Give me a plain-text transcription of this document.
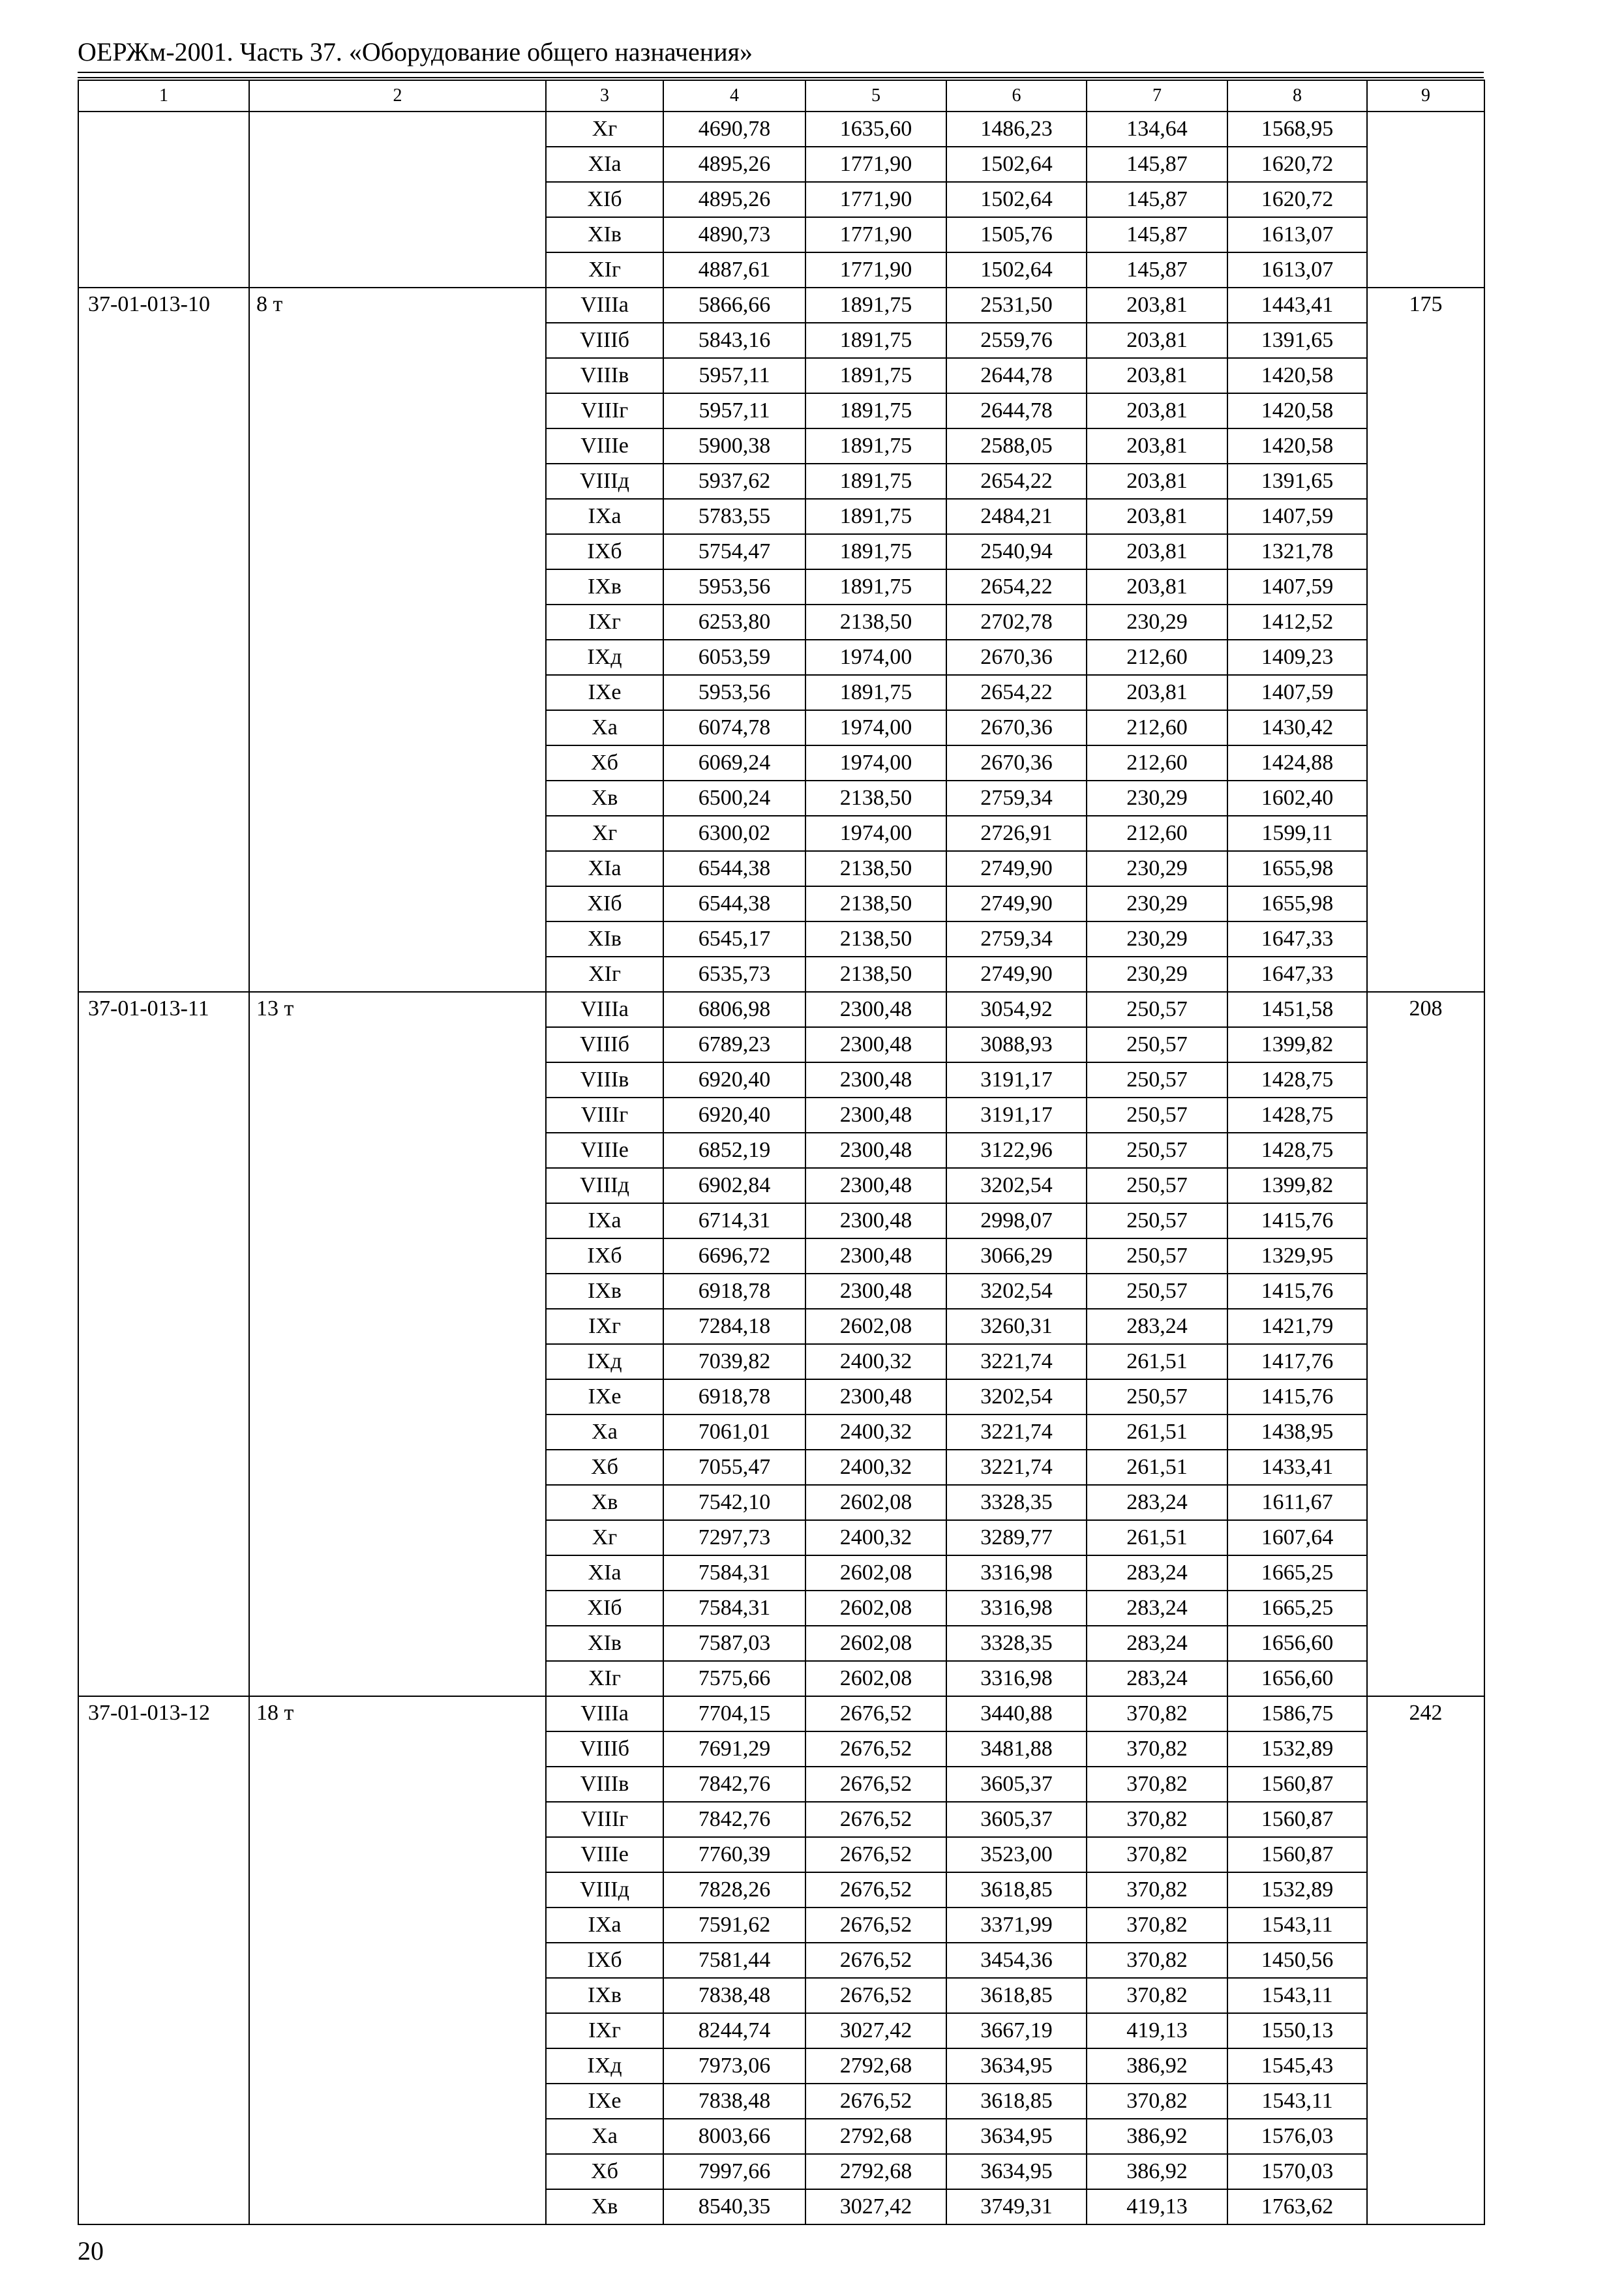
ОЕРЖм-2001. Часть 37. «Оборудование общего назначения»
1	2	3	4	5	6	7	8	9
		Xг	4690,78	1635,60	1486,23	134,64	1568,95	
		XIа	4895,26	1771,90	1502,64	145,87	1620,72	
		XIб	4895,26	1771,90	1502,64	145,87	1620,72	
		XIв	4890,73	1771,90	1505,76	145,87	1613,07	
		XIг	4887,61	1771,90	1502,64	145,87	1613,07	
37-01-013-10	8 т	VIIIа	5866,66	1891,75	2531,50	203,81	1443,41	175
		VIIIб	5843,16	1891,75	2559,76	203,81	1391,65	
		VIIIв	5957,11	1891,75	2644,78	203,81	1420,58	
		VIIIг	5957,11	1891,75	2644,78	203,81	1420,58	
		VIIIе	5900,38	1891,75	2588,05	203,81	1420,58	
		VIIIд	5937,62	1891,75	2654,22	203,81	1391,65	
		IXа	5783,55	1891,75	2484,21	203,81	1407,59	
		IXб	5754,47	1891,75	2540,94	203,81	1321,78	
		IXв	5953,56	1891,75	2654,22	203,81	1407,59	
		IXг	6253,80	2138,50	2702,78	230,29	1412,52	
		IXд	6053,59	1974,00	2670,36	212,60	1409,23	
		IXе	5953,56	1891,75	2654,22	203,81	1407,59	
		Xа	6074,78	1974,00	2670,36	212,60	1430,42	
		Xб	6069,24	1974,00	2670,36	212,60	1424,88	
		Xв	6500,24	2138,50	2759,34	230,29	1602,40	
		Xг	6300,02	1974,00	2726,91	212,60	1599,11	
		XIа	6544,38	2138,50	2749,90	230,29	1655,98	
		XIб	6544,38	2138,50	2749,90	230,29	1655,98	
		XIв	6545,17	2138,50	2759,34	230,29	1647,33	
		XIг	6535,73	2138,50	2749,90	230,29	1647,33	
37-01-013-11	13 т	VIIIа	6806,98	2300,48	3054,92	250,57	1451,58	208
		VIIIб	6789,23	2300,48	3088,93	250,57	1399,82	
		VIIIв	6920,40	2300,48	3191,17	250,57	1428,75	
		VIIIг	6920,40	2300,48	3191,17	250,57	1428,75	
		VIIIе	6852,19	2300,48	3122,96	250,57	1428,75	
		VIIIд	6902,84	2300,48	3202,54	250,57	1399,82	
		IXа	6714,31	2300,48	2998,07	250,57	1415,76	
		IXб	6696,72	2300,48	3066,29	250,57	1329,95	
		IXв	6918,78	2300,48	3202,54	250,57	1415,76	
		IXг	7284,18	2602,08	3260,31	283,24	1421,79	
		IXд	7039,82	2400,32	3221,74	261,51	1417,76	
		IXе	6918,78	2300,48	3202,54	250,57	1415,76	
		Xа	7061,01	2400,32	3221,74	261,51	1438,95	
		Xб	7055,47	2400,32	3221,74	261,51	1433,41	
		Xв	7542,10	2602,08	3328,35	283,24	1611,67	
		Xг	7297,73	2400,32	3289,77	261,51	1607,64	
		XIа	7584,31	2602,08	3316,98	283,24	1665,25	
		XIб	7584,31	2602,08	3316,98	283,24	1665,25	
		XIв	7587,03	2602,08	3328,35	283,24	1656,60	
		XIг	7575,66	2602,08	3316,98	283,24	1656,60	
37-01-013-12	18 т	VIIIа	7704,15	2676,52	3440,88	370,82	1586,75	242
		VIIIб	7691,29	2676,52	3481,88	370,82	1532,89	
		VIIIв	7842,76	2676,52	3605,37	370,82	1560,87	
		VIIIг	7842,76	2676,52	3605,37	370,82	1560,87	
		VIIIе	7760,39	2676,52	3523,00	370,82	1560,87	
		VIIIд	7828,26	2676,52	3618,85	370,82	1532,89	
		IXа	7591,62	2676,52	3371,99	370,82	1543,11	
		IXб	7581,44	2676,52	3454,36	370,82	1450,56	
		IXв	7838,48	2676,52	3618,85	370,82	1543,11	
		IXг	8244,74	3027,42	3667,19	419,13	1550,13	
		IXд	7973,06	2792,68	3634,95	386,92	1545,43	
		IXе	7838,48	2676,52	3618,85	370,82	1543,11	
		Xа	8003,66	2792,68	3634,95	386,92	1576,03	
		Xб	7997,66	2792,68	3634,95	386,92	1570,03	
		Xв	8540,35	3027,42	3749,31	419,13	1763,62	
20
